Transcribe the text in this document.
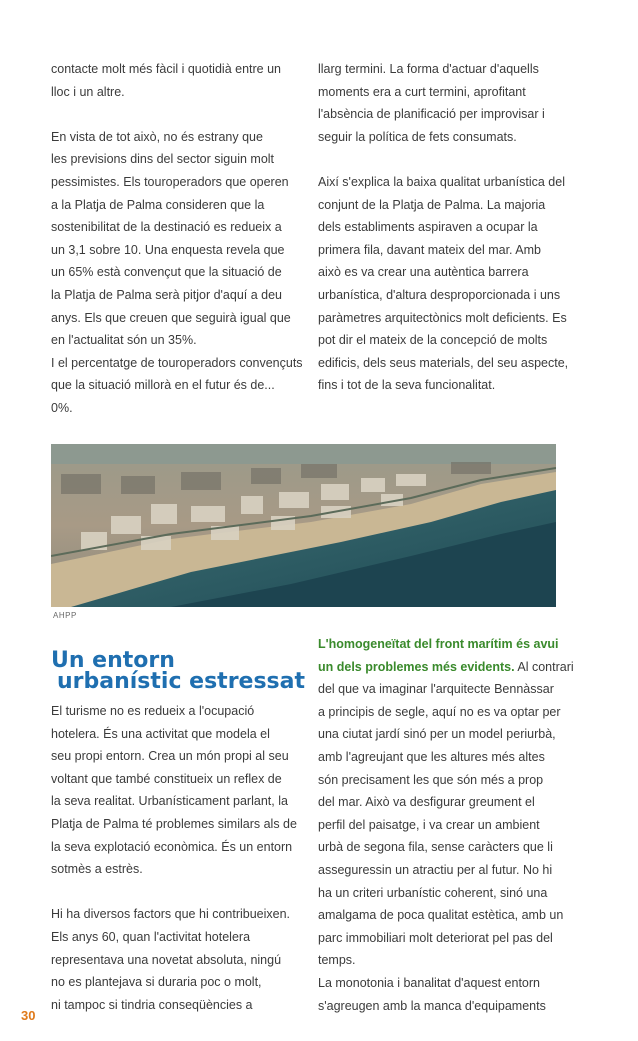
contacte molt més fàcil i quotidià entre un

lloc i un altre.

En vista de tot això, no és estrany que

les previsions dins del sector siguin molt

pessimistes. Els touroperadors que operen

a la Platja de Palma consideren que la

sostenibilitat de la destinació es redueix a

un 3,1 sobre 10. Una enquesta revela que

un 65% està convençut que la situació de

la Platja de Palma serà pitjor d'aquí a deu

anys. Els que creuen que seguirà igual que

en l'actualitat són un 35%.

I el percentatge de touroperadors convençuts

que la situació millorà en el futur és de...

0%.

llarg termini. La forma d'actuar d'aquells

moments era a curt termini, aprofitant

l'absència de planificació per improvisar i

seguir la política de fets consumats.

Així s'explica la baixa qualitat urbanística del

conjunt de la Platja de Palma. La majoria

dels establiments aspiraven a ocupar la

primera fila, davant mateix del mar. Amb

això es va crear una autèntica barrera

urbanística, d'altura desproporcionada i uns

paràmetres arquitectònics molt deficients. Es

pot dir el mateix de la concepció de molts

edificis, dels seus materials, del seu aspecte,

fins i tot de la seva funcionalitat.

AHPP
Un entorn
urbanístic estressat

El turisme no es redueix a l'ocupació

hotelera. És una activitat que modela el

seu propi entorn. Crea un món propi al seu

voltant que també constitueix un reflex de

la seva realitat. Urbanísticament parlant, la

Platja de Palma té problemes similars als de

la seva explotació econòmica. És un entorn

sotmès a estrès.

Hi ha diversos factors que hi contribueixen.

Els anys 60, quan l'activitat hotelera

representava una novetat absoluta, ningú

no es plantejava si duraria poc o molt,

ni tampoc si tindria conseqüències a

L'homogeneïtat del front marítim és avui

un dels problemes més evidents. Al contrari

del que va imaginar l'arquitecte Bennàssar

a principis de segle, aquí no es va optar per

una ciutat jardí sinó per un model periurbà,

amb l'agreujant que les altures més altes

són precisament les que són més a prop

del mar. Això va desfigurar greument el

perfil del paisatge, i va crear un ambient

urbà de segona fila, sense caràcters que li

asseguressin un atractiu per al futur. No hi

ha un criteri urbanístic coherent, sinó una

amalgama de poca qualitat estètica, amb un

parc immobiliari molt deteriorat pel pas del

temps.

La monotonia i banalitat d'aquest entorn

s'agreugen amb la manca d'equipaments

30
